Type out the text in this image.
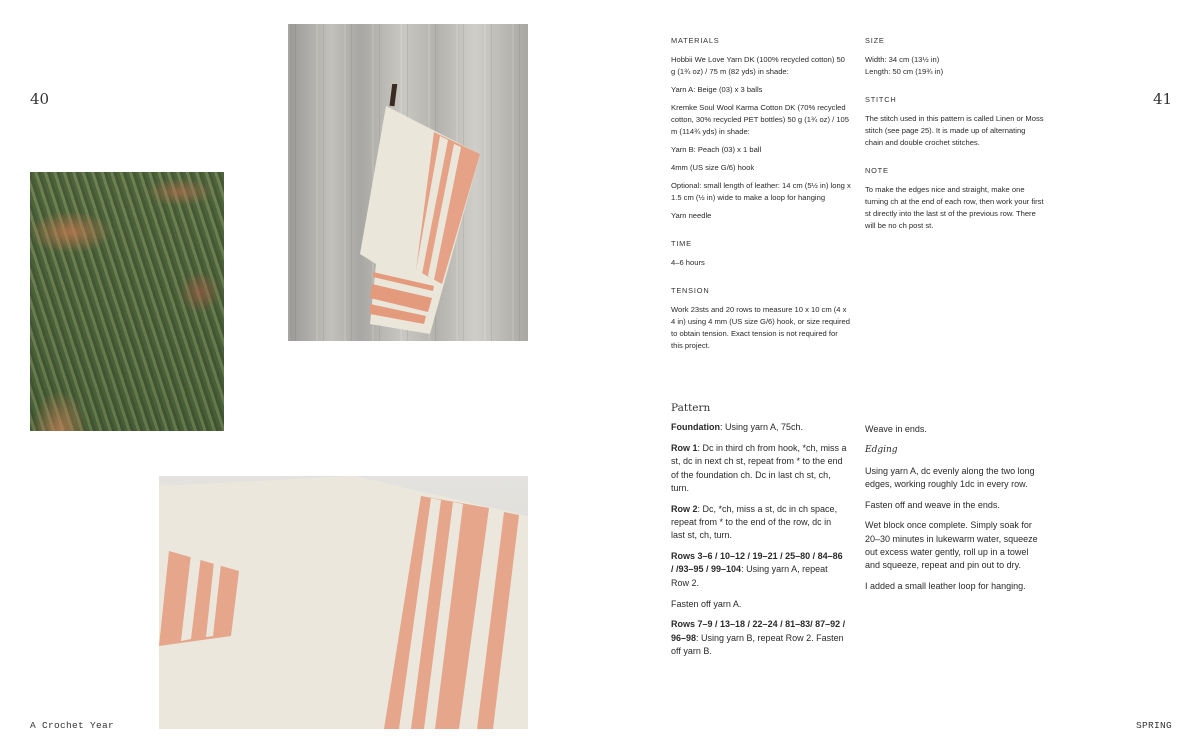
40	41
MATERIALS

Hobbii We Love Yarn DK (100% recycled cotton) 50 g (1¾ oz) / 75 m (82 yds) in shade:

Yarn A: Beige (03) x 3 balls

Kremke Soul Wool Karma Cotton DK (70% recycled cotton, 30% recycled PET bottles) 50 g (1¾ oz) / 105 m (114¾ yds) in shade:

Yarn B: Peach (03) x 1 ball

4mm (US size G/6) hook

Optional: small length of leather: 14 cm (5½ in) long x 1.5 cm (½ in) wide to make a loop for hanging

Yarn needle

TIME

4–6 hours

TENSION

Work 23sts and 20 rows to measure 10 x 10 cm (4 x 4 in) using 4 mm (US size G/6) hook, or size required to obtain tension. Exact tension is not required for this project.

SIZE
Width: 34 cm (13½ in)
Length: 50 cm (19¾ in)
STITCH

The stitch used in this pattern is called Linen or Moss stitch (see page 25). It is made up of alternating chain and double crochet stitches.

NOTE

To make the edges nice and straight, make one turning ch at the end of each row, then work your first st directly into the last st of the previous row. There will be no ch post st.

Pattern

Foundation: Using yarn A, 75ch.

Row 1: Dc in third ch from hook, *ch, miss a st, dc in next ch st, repeat from * to the end of the foundation ch. Dc in last ch st, ch, turn.

Row 2: Dc, *ch, miss a st, dc in ch space, repeat from * to the end of the row, dc in last st, ch, turn.

Rows 3–6 / 10–12 / 19–21 / 25–80 / 84–86 / /93–95 / 99–104: Using yarn A, repeat Row 2.

Fasten off yarn A.

Rows 7–9 / 13–18 / 22–24 / 81–83/ 87–92 / 96–98: Using yarn B, repeat Row 2. Fasten off yarn B.

Weave in ends.

Edging

Using yarn A, dc evenly along the two long edges, working roughly 1dc in every row.

Fasten off and weave in the ends.

Wet block once complete. Simply soak for 20–30 minutes in lukewarm water, squeeze out excess water gently, roll up in a towel and squeeze, repeat and pin out to dry.

I added a small leather loop for hanging.

A Crochet Year	SPRING
